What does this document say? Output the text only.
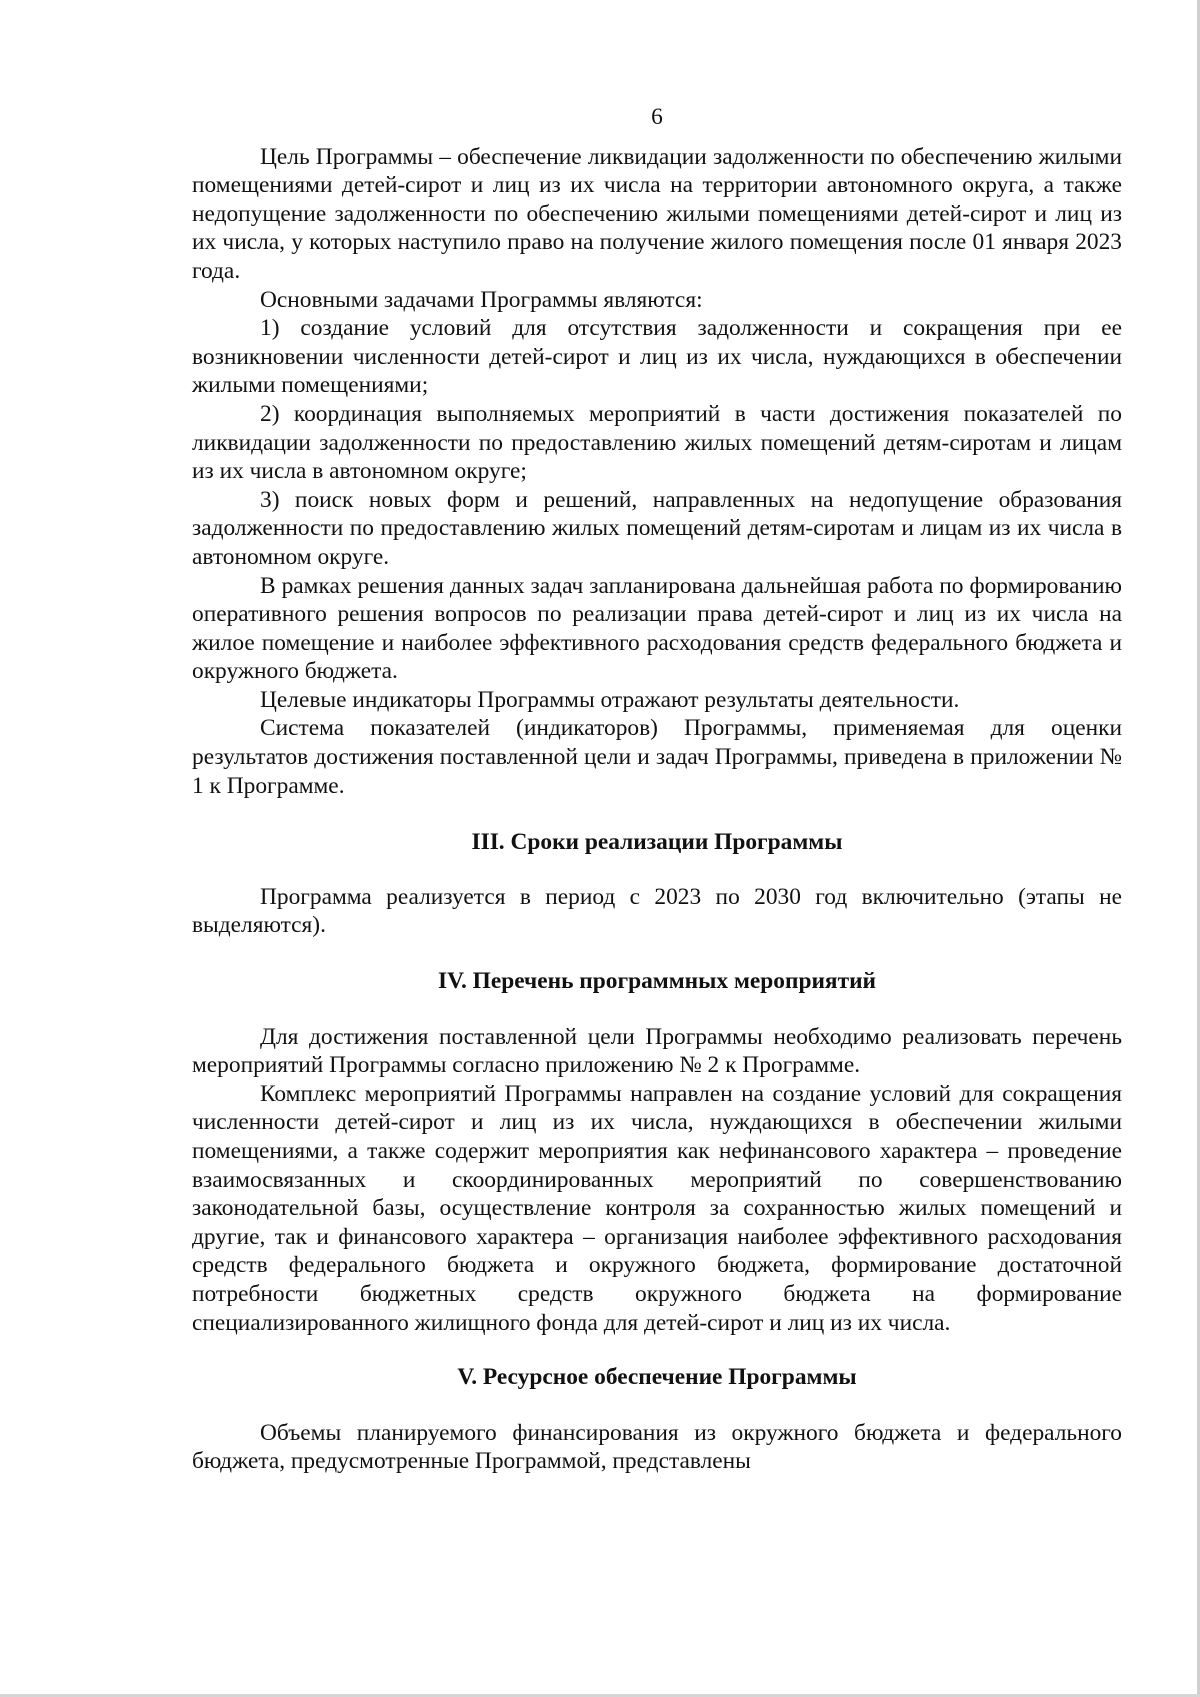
6

Цель Программы – обеспечение ликвидации задолженности по обеспечению жилыми помещениями детей-сирот и лиц из их числа на территории автономного округа, а также недопущение задолженности по обеспечению жилыми помещениями детей-сирот и лиц из их числа, у которых наступило право на получение жилого помещения после 01 января 2023 года.

Основными задачами Программы являются:

1) создание условий для отсутствия задолженности и сокращения при ее возникновении численности детей-сирот и лиц из их числа, нуждающихся в обеспечении жилыми помещениями;

2) координация выполняемых мероприятий в части достижения показателей по ликвидации задолженности по предоставлению жилых помещений детям-сиротам и лицам из их числа в автономном округе;

3) поиск новых форм и решений, направленных на недопущение образования задолженности по предоставлению жилых помещений детям-сиротам и лицам из их числа в автономном округе.

В рамках решения данных задач запланирована дальнейшая работа по формированию оперативного решения вопросов по реализации права детей-сирот и лиц из их числа на жилое помещение и наиболее эффективного расходования средств федерального бюджета и окружного бюджета.

Целевые индикаторы Программы отражают результаты деятельности.

Система показателей (индикаторов) Программы, применяемая для оценки результатов достижения поставленной цели и задач Программы, приведена в приложении № 1 к Программе.

III. Сроки реализации Программы

Программа реализуется в период с 2023 по 2030 год включительно (этапы не выделяются).

IV. Перечень программных мероприятий

Для достижения поставленной цели Программы необходимо реализовать перечень мероприятий Программы согласно приложению № 2 к Программе.

Комплекс мероприятий Программы направлен на создание условий для сокращения численности детей-сирот и лиц из их числа, нуждающихся в обеспечении жилыми помещениями, а также содержит мероприятия как нефинансового характера – проведение взаимосвязанных и скоординированных мероприятий по совершенствованию законодательной базы, осуществление контроля за сохранностью жилых помещений и другие, так и финансового характера – организация наиболее эффективного расходования средств федерального бюджета и окружного бюджета, формирование достаточной потребности бюджетных средств окружного бюджета на формирование специализированного жилищного фонда для детей-сирот и лиц из их числа.

V. Ресурсное обеспечение Программы

Объемы планируемого финансирования из окружного бюджета и федерального бюджета, предусмотренные Программой, представлены
